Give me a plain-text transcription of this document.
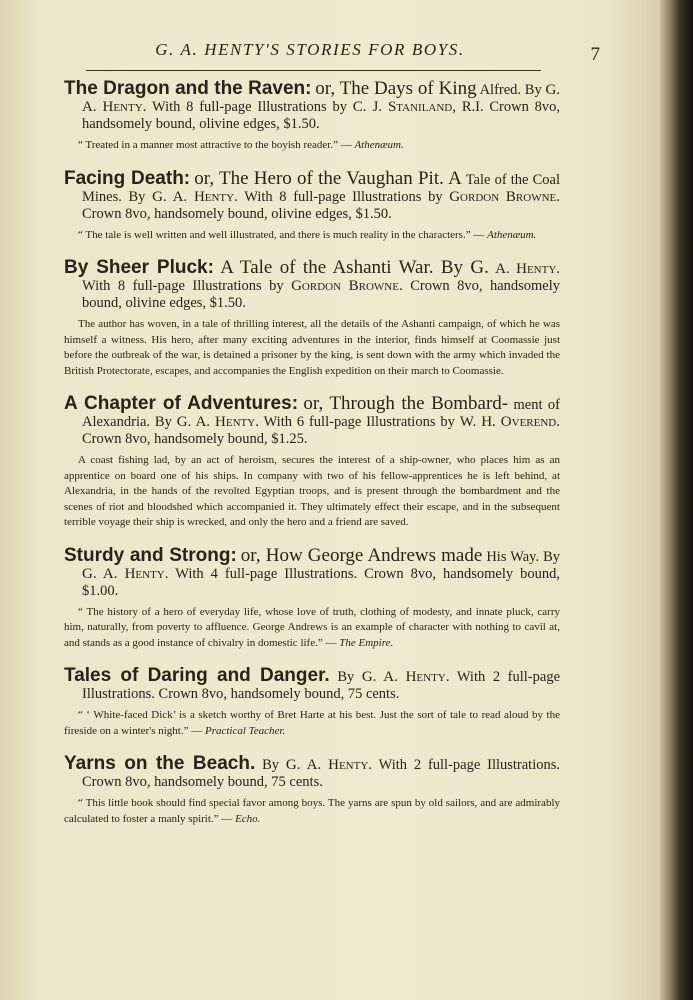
G. A. HENTY'S STORIES FOR BOYS.	7

The Dragon and the Raven: or, The Days of King Alfred. By G. A. Henty. With 8 full-page Illustrations by C. J. Staniland, R.I. Crown 8vo, handsomely bound, olivine edges, $1.50.

“ Treated in a manner most attractive to the boyish reader.” — Athenæum.

Facing Death: or, The Hero of the Vaughan Pit. A Tale of the Coal Mines. By G. A. Henty. With 8 full-page Illustrations by Gordon Browne. Crown 8vo, handsomely bound, olivine edges, $1.50.

“ The tale is well written and well illustrated, and there is much reality in the characters.” — Athenæum.

By Sheer Pluck: A Tale of the Ashanti War. By G. A. Henty. With 8 full-page Illustrations by Gordon Browne. Crown 8vo, handsomely bound, olivine edges, $1.50.

The author has woven, in a tale of thrilling interest, all the details of the Ashanti campaign, of which he was himself a witness. His hero, after many exciting adventures in the interior, finds himself at Coomassie just before the outbreak of the war, is detained a prisoner by the king, is sent down with the army which invaded the British Protectorate, escapes, and accompanies the English expedition on their march to Coomassie.

A Chapter of Adventures: or, Through the Bombard- ment of Alexandria. By G. A. Henty. With 6 full-page Illustrations by W. H. Overend. Crown 8vo, handsomely bound, $1.25.

A coast fishing lad, by an act of heroism, secures the interest of a ship-owner, who places him as an apprentice on board one of his ships. In company with two of his fellow-apprentices he is left behind, at Alexandria, in the hands of the revolted Egyptian troops, and is present through the bombardment and the scenes of riot and bloodshed which accompanied it. They ultimately effect their escape, and in the subsequent terrible voyage their ship is wrecked, and only the hero and a friend are saved.

Sturdy and Strong: or, How George Andrews made His Way. By G. A. Henty. With 4 full-page Illustrations. Crown 8vo, handsomely bound, $1.00.

“ The history of a hero of everyday life, whose love of truth, clothing of modesty, and innate pluck, carry him, naturally, from poverty to affluence. George Andrews is an example of character with nothing to cavil at, and stands as a good instance of chivalry in domestic life.” — The Empire.

Tales of Daring and Danger. By G. A. Henty. With 2 full-page Illustrations. Crown 8vo, handsomely bound, 75 cents.

“ ‘ White-faced Dick’ is a sketch worthy of Bret Harte at his best. Just the sort of tale to read aloud by the fireside on a winter's night.” — Practical Teacher.

Yarns on the Beach. By G. A. Henty. With 2 full-page Illustrations. Crown 8vo, handsomely bound, 75 cents.

“ This little book should find special favor among boys. The yarns are spun by old sailors, and are admirably calculated to foster a manly spirit.” — Echo.
